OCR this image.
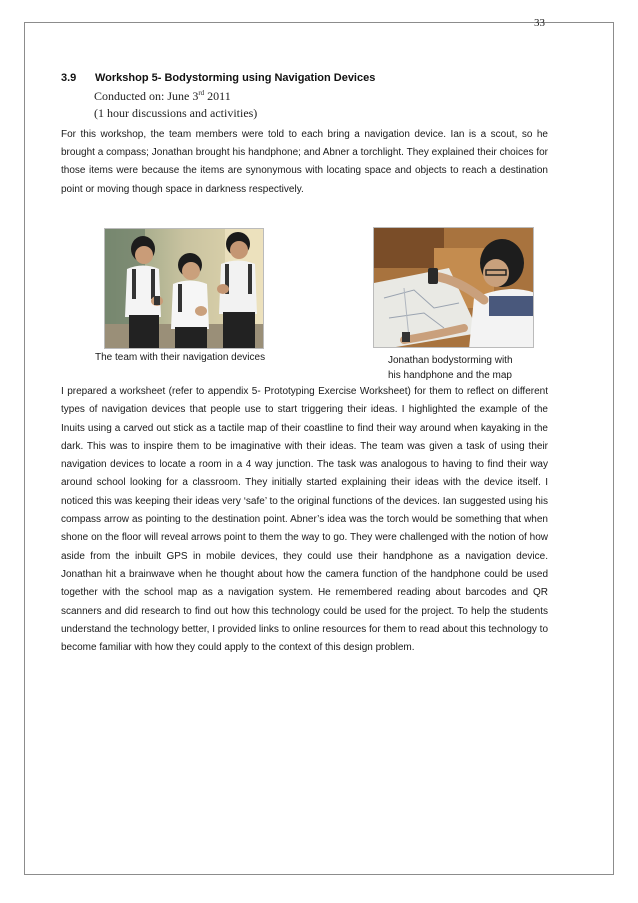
33
3.9 Workshop 5- Bodystorming using Navigation Devices
Conducted on: June 3rd 2011
(1 hour discussions and activities)
For this workshop, the team members were told to each bring a navigation device. Ian is a scout, so he brought a compass; Jonathan brought his handphone; and Abner a torchlight. They explained their choices for those items were because the items are synonymous with locating space and objects to reach a destination point or moving though space in darkness respectively.
The team with their navigation devices	Jonathan bodystorming with
his handphone and the map
I prepared a worksheet (refer to appendix 5- Prototyping Exercise Worksheet) for them to reflect on different types of navigation devices that people use to start triggering their ideas. I highlighted the example of the Inuits using a carved out stick as a tactile map of their coastline to find their way around when kayaking in the dark. This was to inspire them to be imaginative with their ideas. The team was given a task of using their navigation devices to locate a room in a 4 way junction. The task was analogous to having to find their way around school looking for a classroom. They initially started explaining their ideas with the device itself. I noticed this was keeping their ideas very ‘safe’ to the original functions of the devices. Ian suggested using his compass arrow as pointing to the destination point. Abner’s idea was the torch would be something that when shone on the floor will reveal arrows point to them the way to go. They were challenged with the notion of how aside from the inbuilt GPS in mobile devices, they could use their handphone as a navigation device. Jonathan hit a brainwave when he thought about how the camera function of the handphone could be used together with the school map as a navigation system. He remembered reading about barcodes and QR scanners and did research to find out how this technology could be used for the project. To help the students understand the technology better, I provided links to online resources for them to read about this technology to become familiar with how they could apply to the context of this design problem.
